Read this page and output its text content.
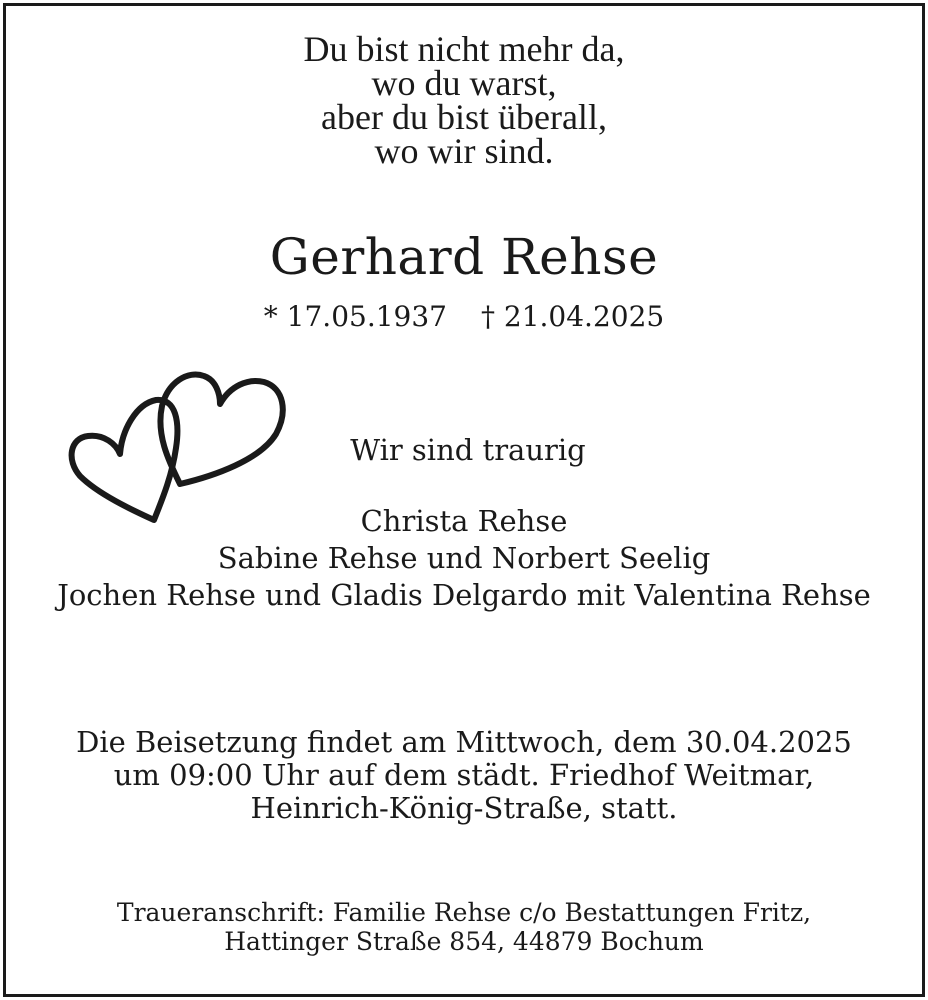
Du bist nicht mehr da,
wo du warst,
aber du bist überall,
wo wir sind.
Gerhard Rehse
* 17.05.1937 † 21.04.2025
Wir sind traurig
Christa Rehse
Sabine Rehse und Norbert Seelig
Jochen Rehse und Gladis Delgardo mit Valentina Rehse
Die Beisetzung findet am Mittwoch, dem 30.04.2025
um 09:00 Uhr auf dem städt. Friedhof Weitmar,
Heinrich-König-Straße, statt.
Traueranschrift: Familie Rehse c/o Bestattungen Fritz,
Hattinger Straße 854, 44879 Bochum
